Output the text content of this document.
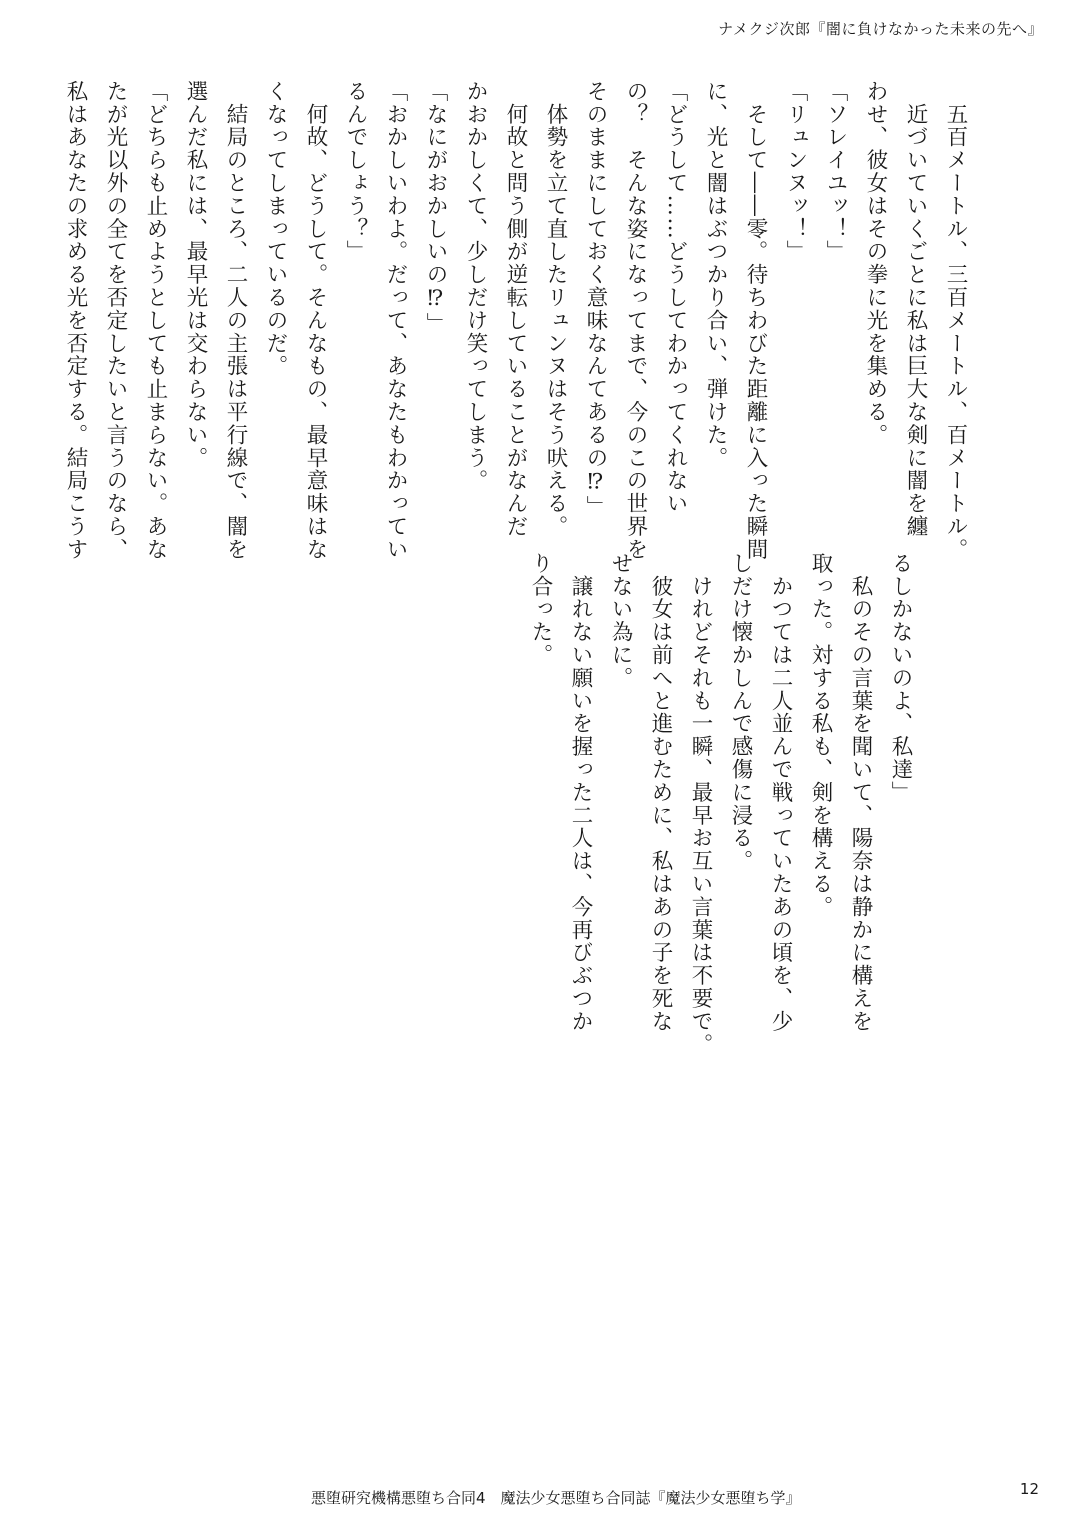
ナメクジ次郎『闇に負けなかった未来の先へ』
　五百メートル、三百メートル、百メートル。
　近づいていくごとに私は巨大な剣に闇を纏
わせ、彼女はその拳に光を集める。
「ソレイユッ！」
「リュンヌッ！」
　そして――零。待ちわびた距離に入った瞬間
に、光と闇はぶつかり合い、弾けた。
「どうして……どうしてわかってくれない
の？　そんな姿になってまで、今のこの世界を
そのままにしておく意味なんてあるの⁉」
　体勢を立て直したリュンヌはそう吠える。
　何故と問う側が逆転していることがなんだ
かおかしくて、少しだけ笑ってしまう。
「なにがおかしいの⁉」
「おかしいわよ。だって、あなたもわかってい
るんでしょう？」
　何故、どうして。そんなもの、最早意味はな
くなってしまっているのだ。
　結局のところ、二人の主張は平行線で、闇を
選んだ私には、最早光は交わらない。
「どちらも止めようとしても止まらない。あな
たが光以外の全てを否定したいと言うのなら、
私はあなたの求める光を否定する。結局こうす
るしかないのよ、私達」
　私のその言葉を聞いて、陽奈は静かに構えを
取った。対する私も、剣を構える。
　かつては二人並んで戦っていたあの頃を、少
しだけ懐かしんで感傷に浸る。
　けれどそれも一瞬、最早お互い言葉は不要で。
　彼女は前へと進むために、私はあの子を死な
せない為に。
　譲れない願いを握った二人は、今再びぶつか
り合った。
悪堕研究機構悪堕ち合同4　魔法少女悪堕ち合同誌『魔法少女悪堕ち学』	12
